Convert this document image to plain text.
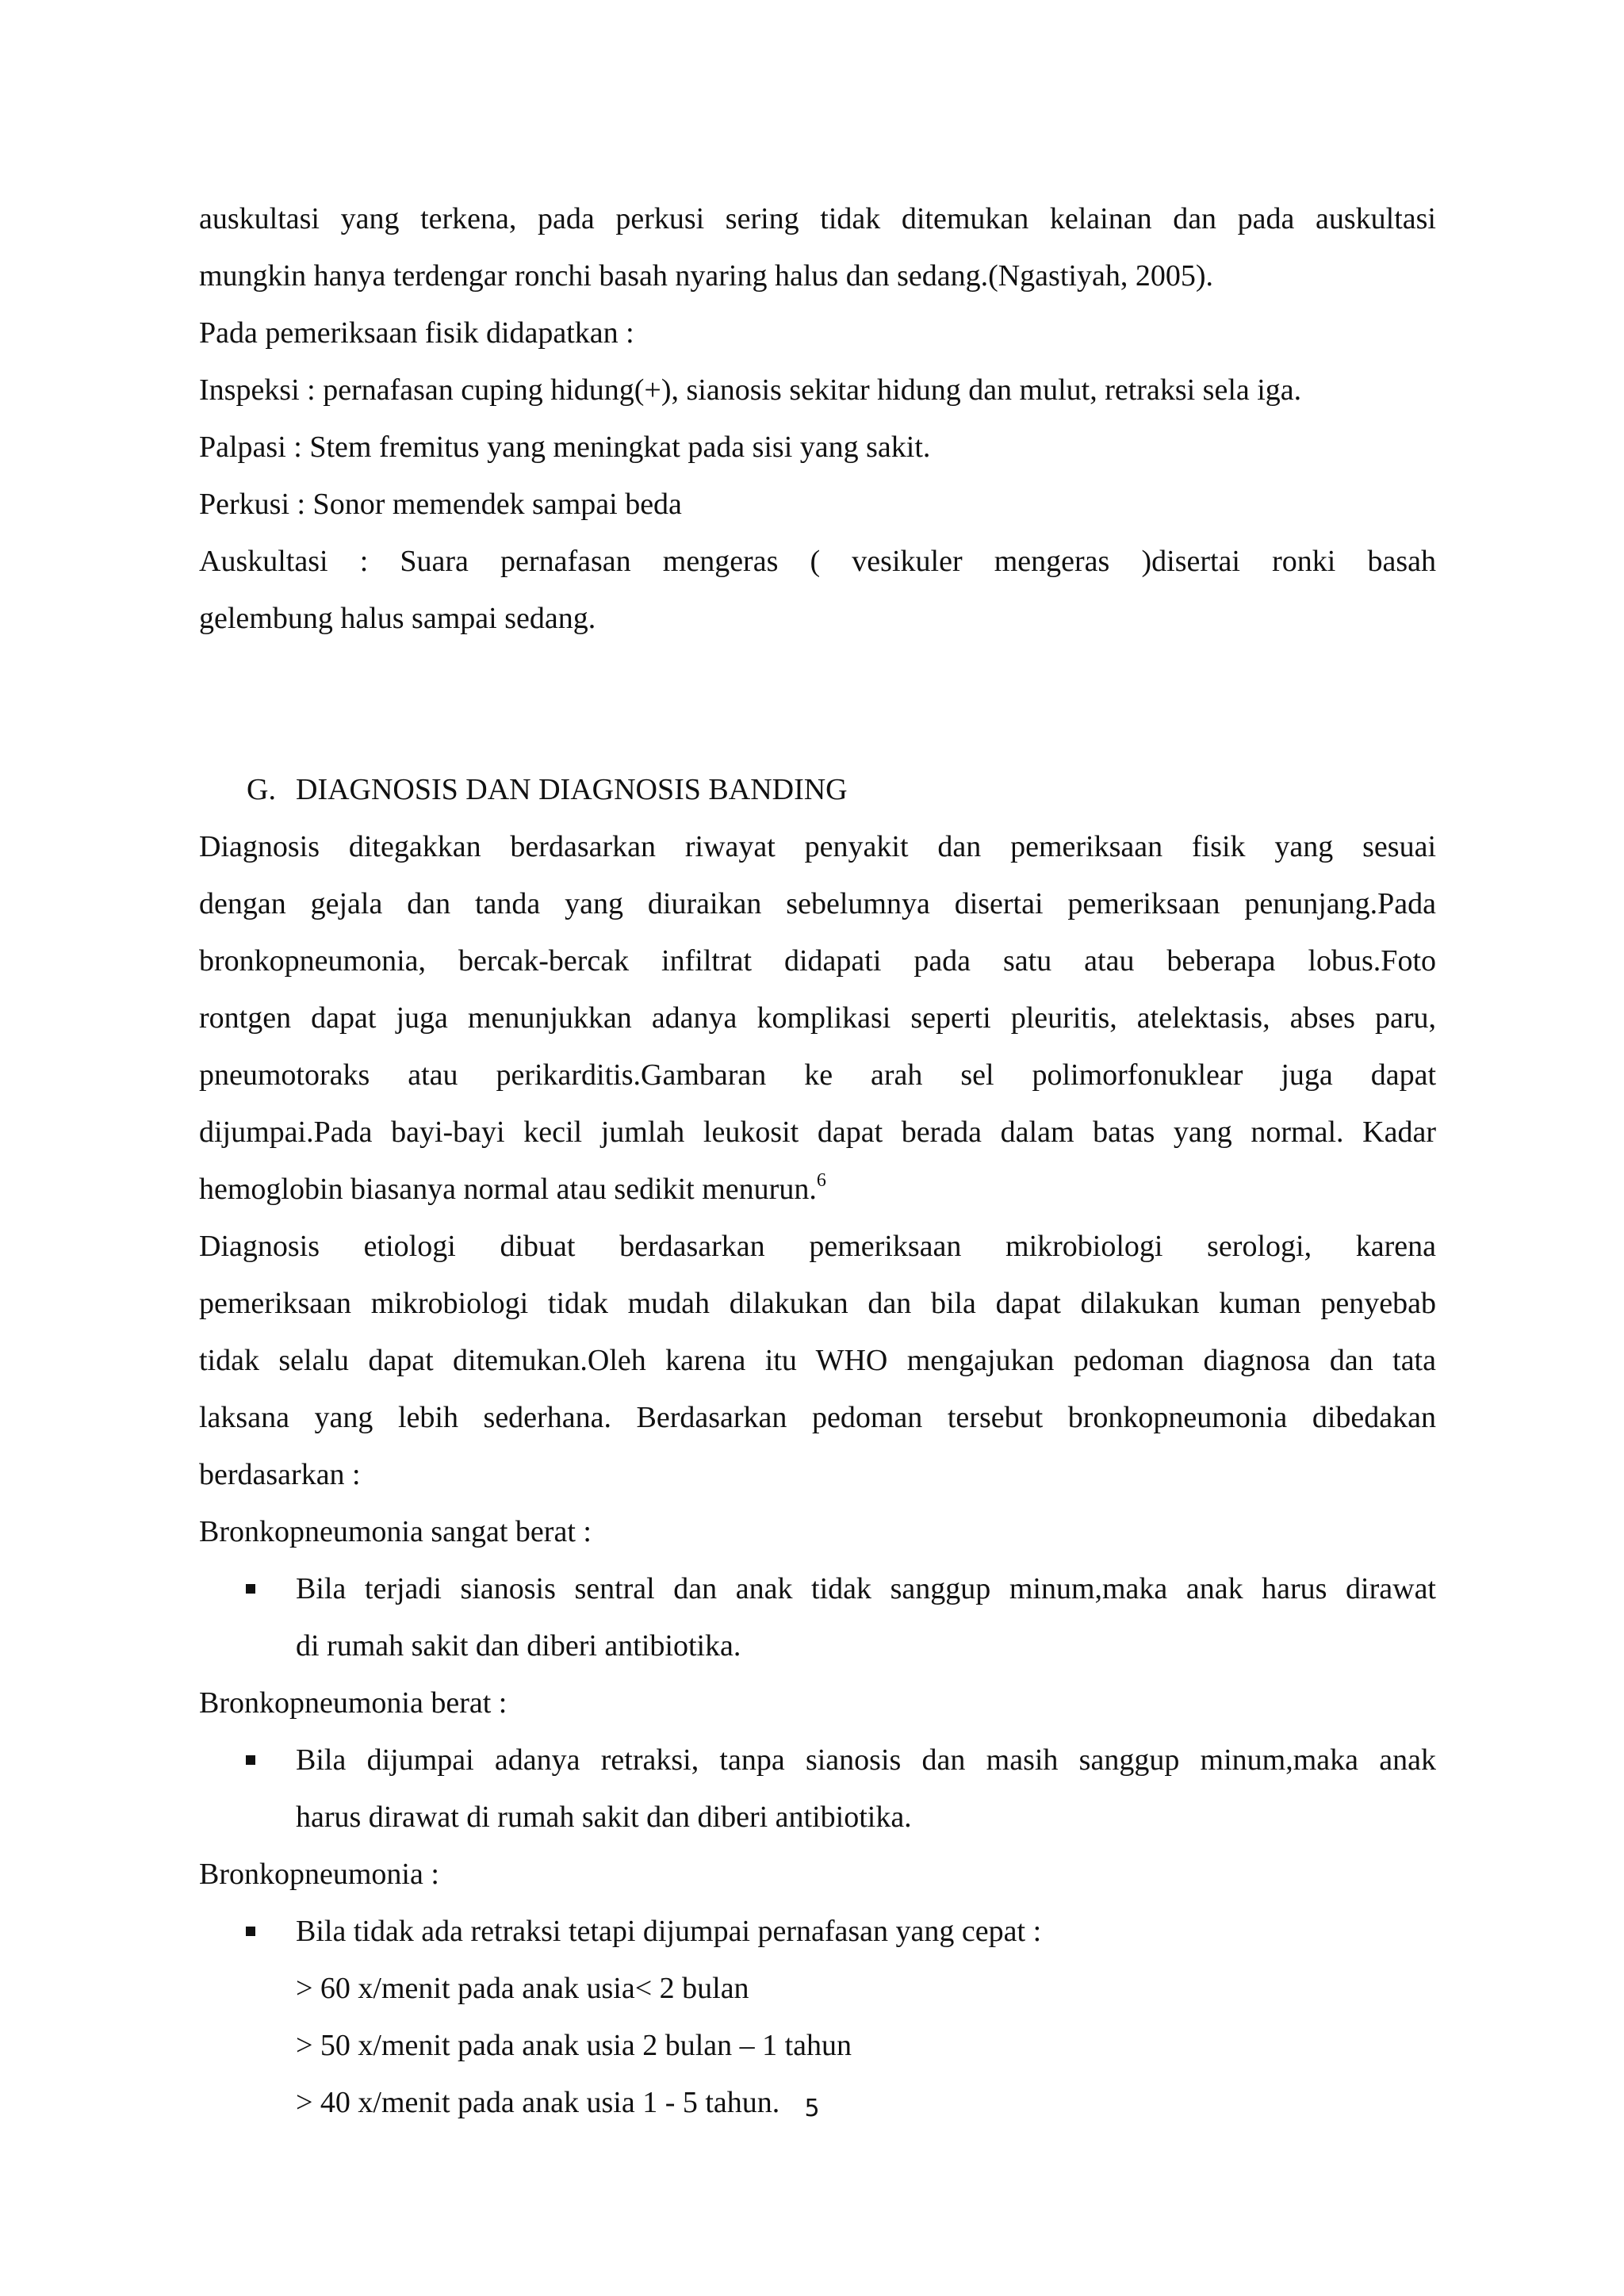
auskultasi yang terkena, pada perkusi sering tidak ditemukan kelainan dan pada auskultasi
mungkin hanya terdengar ronchi basah nyaring halus dan sedang.(Ngastiyah, 2005).
Pada pemeriksaan fisik didapatkan :
Inspeksi : pernafasan cuping hidung(+), sianosis sekitar hidung dan mulut, retraksi sela iga.
Palpasi : Stem fremitus yang meningkat pada sisi yang sakit.
Perkusi : Sonor memendek sampai beda
Auskultasi : Suara pernafasan mengeras ( vesikuler mengeras )disertai ronki basah
gelembung halus sampai sedang.
G. DIAGNOSIS DAN DIAGNOSIS BANDING
Diagnosis ditegakkan berdasarkan riwayat penyakit dan pemeriksaan fisik yang sesuai
dengan gejala dan tanda yang diuraikan sebelumnya disertai pemeriksaan penunjang.Pada
bronkopneumonia, bercak-bercak infiltrat didapati pada satu atau beberapa lobus.Foto
rontgen dapat juga menunjukkan adanya komplikasi seperti pleuritis, atelektasis, abses paru,
pneumotoraks atau perikarditis.Gambaran ke arah sel polimorfonuklear juga dapat
dijumpai.Pada bayi-bayi kecil jumlah leukosit dapat berada dalam batas yang normal. Kadar
hemoglobin biasanya normal atau sedikit menurun.$^6$
Diagnosis etiologi dibuat berdasarkan pemeriksaan mikrobiologi serologi, karena
pemeriksaan mikrobiologi tidak mudah dilakukan dan bila dapat dilakukan kuman penyebab
tidak selalu dapat ditemukan.Oleh karena itu WHO mengajukan pedoman diagnosa dan tata
laksana yang lebih sederhana. Berdasarkan pedoman tersebut bronkopneumonia dibedakan
berdasarkan :
Bronkopneumonia sangat berat :
Bila terjadi sianosis sentral dan anak tidak sanggup minum,maka anak harus dirawat
di rumah sakit dan diberi antibiotika.
Bronkopneumonia berat :
Bila dijumpai adanya retraksi, tanpa sianosis dan masih sanggup minum,maka anak
harus dirawat di rumah sakit dan diberi antibiotika.
Bronkopneumonia :
Bila tidak ada retraksi tetapi dijumpai pernafasan yang cepat :
> 60 x/menit pada anak usia< 2 bulan
> 50 x/menit pada anak usia 2 bulan – 1 tahun
> 40 x/menit pada anak usia 1 - 5 tahun.	5
